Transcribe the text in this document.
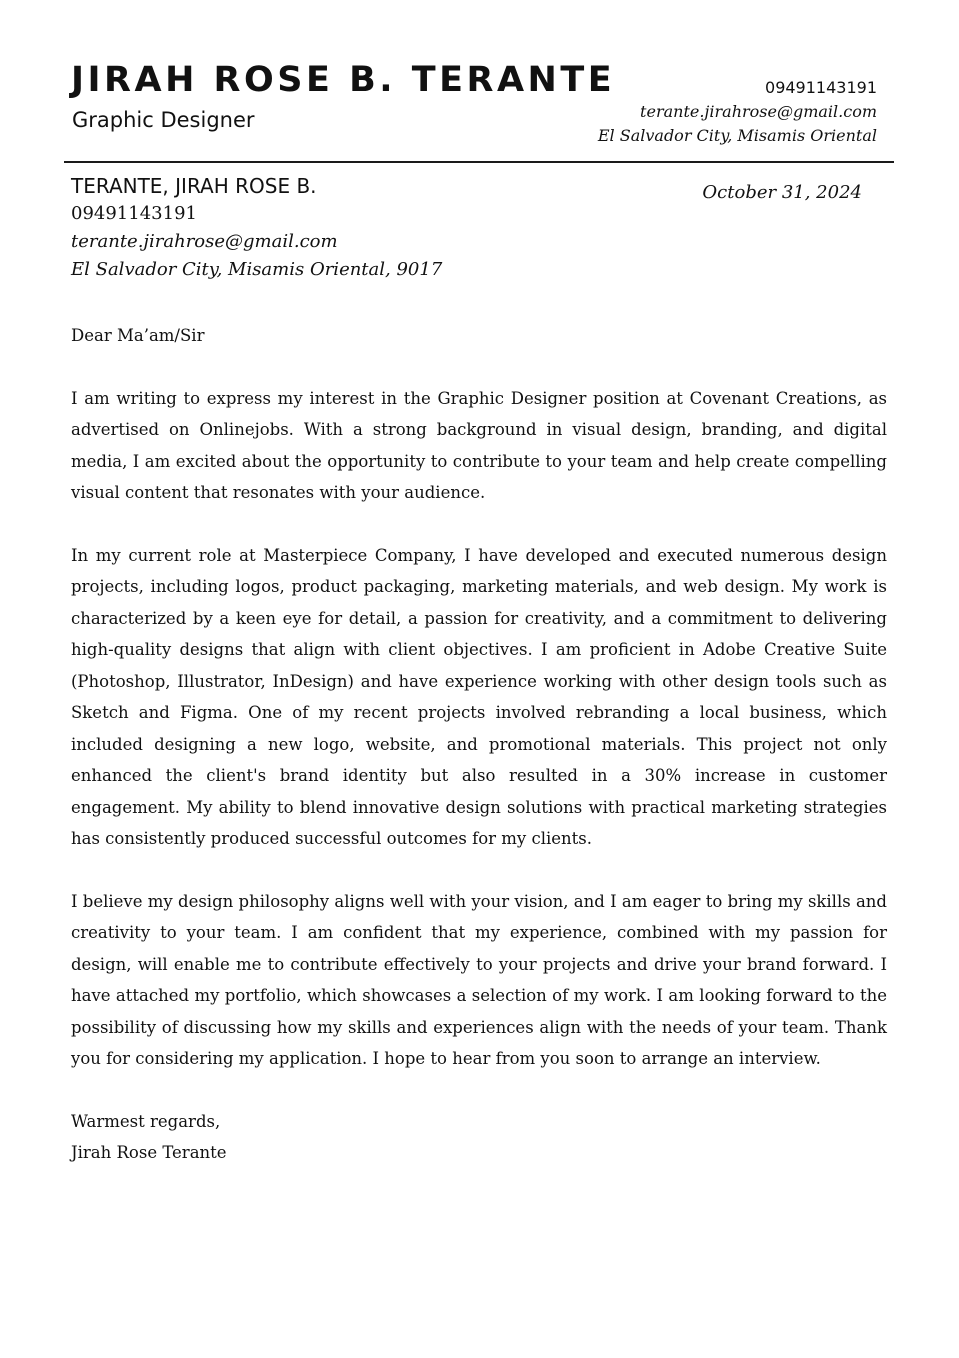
JIRAH ROSE B. TERANTE
Graphic Designer
09491143191
terante.jirahrose@gmail.com
El Salvador City, Misamis Oriental
TERANTE, JIRAH ROSE B.
09491143191
terante.jirahrose@gmail.com
El Salvador City, Misamis Oriental, 9017
October 31, 2024

Dear Ma’am/Sir

I am writing to express my interest in the Graphic Designer position at Covenant Creations, as advertised on Onlinejobs. With a strong background in visual design, branding, and digital media, I am excited about the opportunity to contribute to your team and help create compelling visual content that resonates with your audience.

In my current role at Masterpiece Company, I have developed and executed numerous design projects, including logos, product packaging, marketing materials, and web design. My work is characterized by a keen eye for detail, a passion for creativity, and a commitment to delivering high-quality designs that align with client objectives. I am proficient in Adobe Creative Suite (Photoshop, Illustrator, InDesign) and have experience working with other design tools such as Sketch and Figma. One of my recent projects involved rebranding a local business, which included designing a new logo, website, and promotional materials. This project not only enhanced the client's brand identity but also resulted in a 30% increase in customer engagement. My ability to blend innovative design solutions with practical marketing strategies has consistently produced successful outcomes for my clients.

I believe my design philosophy aligns well with your vision, and I am eager to bring my skills and creativity to your team. I am confident that my experience, combined with my passion for design, will enable me to contribute effectively to your projects and drive your brand forward. I have attached my portfolio, which showcases a selection of my work. I am looking forward to the possibility of discussing how my skills and experiences align with the needs of your team. Thank you for considering my application. I hope to hear from you soon to arrange an interview.

Warmest regards,
Jirah Rose Terante
